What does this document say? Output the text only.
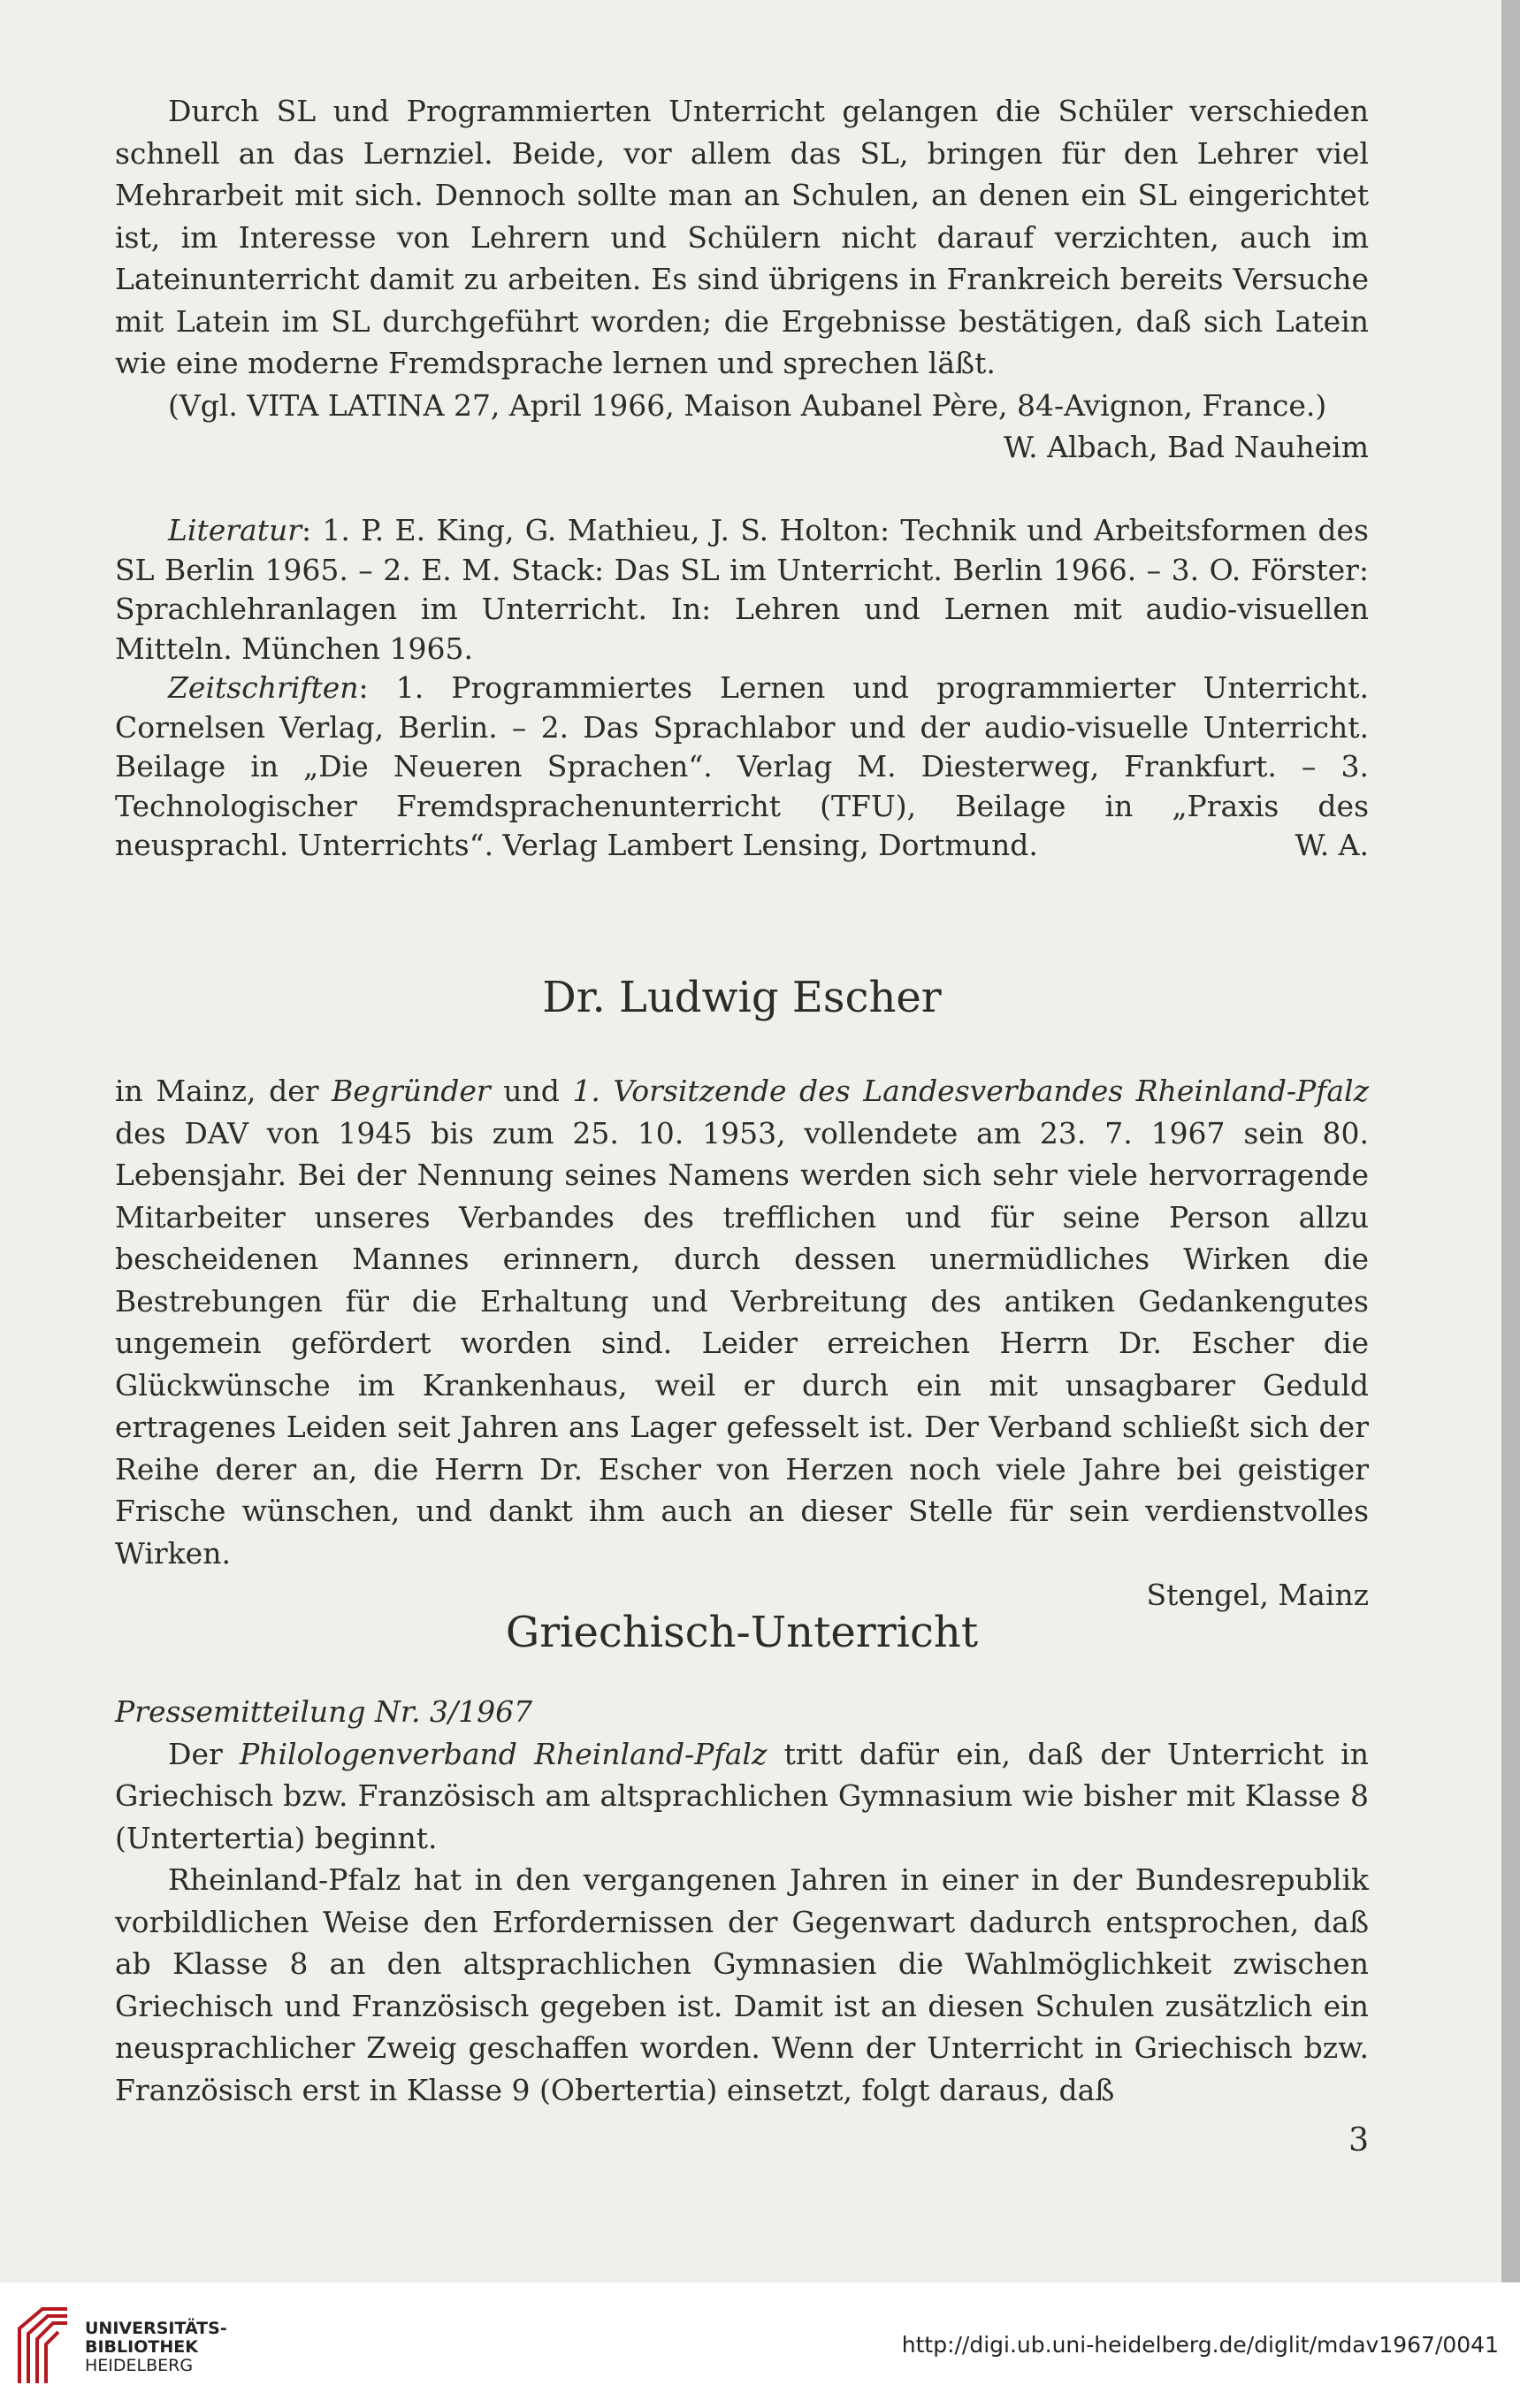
Durch SL und Programmierten Unterricht gelangen die Schüler verschieden schnell an das Lernziel. Beide, vor allem das SL, bringen für den Lehrer viel Mehrarbeit mit sich. Dennoch sollte man an Schulen, an denen ein SL eingerichtet ist, im Interesse von Lehrern und Schülern nicht darauf verzichten, auch im Lateinunterricht damit zu arbeiten. Es sind übrigens in Frankreich bereits Versuche mit Latein im SL durchgeführt worden; die Ergebnisse bestätigen, daß sich Latein wie eine moderne Fremdsprache lernen und sprechen läßt.

(Vgl. VITA LATINA 27, April 1966, Maison Aubanel Père, 84-Avignon, France.)

W. Albach, Bad Nauheim

Literatur: 1. P. E. King, G. Mathieu, J. S. Holton: Technik und Arbeitsformen des SL Berlin 1965. – 2. E. M. Stack: Das SL im Unterricht. Berlin 1966. – 3. O. Förster: Sprachlehranlagen im Unterricht. In: Lehren und Lernen mit audio-visuellen Mitteln. München 1965.

Zeitschriften: 1. Programmiertes Lernen und programmierter Unterricht. Cornelsen Verlag, Berlin. – 2. Das Sprachlabor und der audio-visuelle Unterricht. Beilage in „Die Neueren Sprachen“. Verlag M. Diesterweg, Frankfurt. – 3. Technologischer Fremdsprachenunterricht (TFU), Beilage in „Praxis des neusprachl. Unterrichts“. Verlag Lambert Lensing, Dortmund.	W. A.

Dr. Ludwig Escher

in Mainz, der Begründer und 1. Vorsitzende des Landesverbandes Rheinland-Pfalz des DAV von 1945 bis zum 25. 10. 1953, vollendete am 23. 7. 1967 sein 80. Lebensjahr. Bei der Nennung seines Namens werden sich sehr viele hervorragende Mitarbeiter unseres Verbandes des trefflichen und für seine Person allzu bescheidenen Mannes erinnern, durch dessen unermüdliches Wirken die Bestrebungen für die Erhaltung und Verbreitung des antiken Gedankengutes ungemein gefördert worden sind. Leider erreichen Herrn Dr. Escher die Glückwünsche im Krankenhaus, weil er durch ein mit unsagbarer Geduld ertragenes Leiden seit Jahren ans Lager gefesselt ist. Der Verband schließt sich der Reihe derer an, die Herrn Dr. Escher von Herzen noch viele Jahre bei geistiger Frische wünschen, und dankt ihm auch an dieser Stelle für sein verdienstvolles Wirken.

Stengel, Mainz

Griechisch-Unterricht

Pressemitteilung Nr. 3/1967

Der Philologenverband Rheinland-Pfalz tritt dafür ein, daß der Unterricht in Griechisch bzw. Französisch am altsprachlichen Gymnasium wie bisher mit Klasse 8 (Untertertia) beginnt.

Rheinland-Pfalz hat in den vergangenen Jahren in einer in der Bundesrepublik vorbildlichen Weise den Erfordernissen der Gegenwart dadurch entsprochen, daß ab Klasse 8 an den altsprachlichen Gymnasien die Wahlmöglichkeit zwischen Griechisch und Französisch gegeben ist. Damit ist an diesen Schulen zusätzlich ein neusprachlicher Zweig geschaffen worden. Wenn der Unterricht in Griechisch bzw. Französisch erst in Klasse 9 (Obertertia) einsetzt, folgt daraus, daß

3
UNIVERSITÄTS-
BIBLIOTHEK
HEIDELBERG
http://digi.ub.uni-heidelberg.de/diglit/mdav1967/0041
